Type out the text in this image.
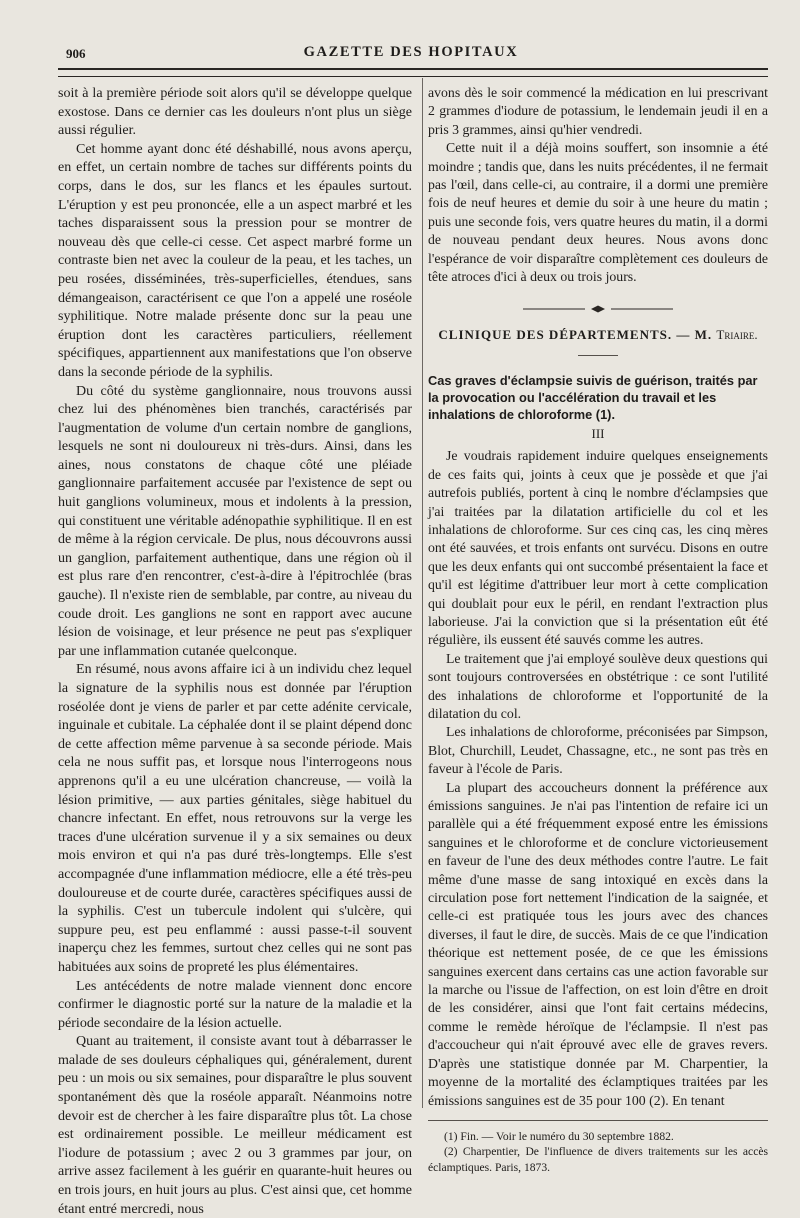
906	GAZETTE DES HOPITAUX

soit à la première période soit alors qu'il se développe quelque exostose. Dans ce dernier cas les douleurs n'ont plus un siège aussi régulier.

Cet homme ayant donc été déshabillé, nous avons aperçu, en effet, un certain nombre de taches sur différents points du corps, dans le dos, sur les flancs et les épaules surtout. L'éruption y est peu prononcée, elle a un aspect marbré et les taches disparaissent sous la pression pour se montrer de nouveau dès que celle-ci cesse. Cet aspect marbré forme un contraste bien net avec la couleur de la peau, et les taches, un peu rosées, disséminées, très-superficielles, étendues, sans démangeaison, caractérisent ce que l'on a appelé une roséole syphilitique. Notre malade présente donc sur la peau une éruption dont les caractères particuliers, réellement spécifiques, appartiennent aux manifestations que l'on observe dans la seconde période de la syphilis.

Du côté du système ganglionnaire, nous trouvons aussi chez lui des phénomènes bien tranchés, caractérisés par l'augmentation de volume d'un certain nombre de ganglions, lesquels ne sont ni douloureux ni très-durs. Ainsi, dans les aines, nous constatons de chaque côté une pléiade ganglionnaire parfaitement accusée par l'existence de sept ou huit ganglions volumineux, mous et indolents à la pression, qui constituent une véritable adénopathie syphilitique. Il en est de même à la région cervicale. De plus, nous découvrons aussi un ganglion, parfaitement authentique, dans une région où il est plus rare d'en rencontrer, c'est-à-dire à l'épitrochlée (bras gauche). Il n'existe rien de semblable, par contre, au niveau du coude droit. Les ganglions ne sont en rapport avec aucune lésion de voisinage, et leur présence ne peut pas s'expliquer par une inflammation cutanée quelconque.

En résumé, nous avons affaire ici à un individu chez lequel la signature de la syphilis nous est donnée par l'éruption roséolée dont je viens de parler et par cette adénite cervicale, inguinale et cubitale. La céphalée dont il se plaint dépend donc de cette affection même parvenue à sa seconde période. Mais cela ne nous suffit pas, et lorsque nous l'interrogeons nous apprenons qu'il a eu une ulcération chancreuse, — voilà la lésion primitive, — aux parties génitales, siège habituel du chancre infectant. En effet, nous retrouvons sur la verge les traces d'une ulcération survenue il y a six semaines ou deux mois environ et qui n'a pas duré très-longtemps. Elle s'est accompagnée d'une inflammation médiocre, elle a été très-peu douloureuse et de courte durée, caractères spécifiques aussi de la syphilis. C'est un tubercule indolent qui s'ulcère, qui suppure peu, est peu enflammé : aussi passe-t-il souvent inaperçu chez les femmes, surtout chez celles qui ne sont pas habituées aux soins de propreté les plus élémentaires.

Les antécédents de notre malade viennent donc encore confirmer le diagnostic porté sur la nature de la maladie et la période secondaire de la lésion actuelle.

Quant au traitement, il consiste avant tout à débarrasser le malade de ses douleurs céphaliques qui, généralement, durent peu : un mois ou six semaines, pour disparaître le plus souvent spontanément dès que la roséole apparaît. Néanmoins notre devoir est de chercher à les faire disparaître plus tôt. La chose est ordinairement possible. Le meilleur médicament est l'iodure de potassium ; avec 2 ou 3 grammes par jour, on arrive assez facilement à les guérir en quarante-huit heures ou en trois jours, en huit jours au plus. C'est ainsi que, cet homme étant entré mercredi, nous

avons dès le soir commencé la médication en lui prescrivant 2 grammes d'iodure de potassium, le lendemain jeudi il en a pris 3 grammes, ainsi qu'hier vendredi.

Cette nuit il a déjà moins souffert, son insomnie a été moindre ; tandis que, dans les nuits précédentes, il ne fermait pas l'œil, dans celle-ci, au contraire, il a dormi une première fois de neuf heures et demie du soir à une heure du matin ; puis une seconde fois, vers quatre heures du matin, il a dormi de nouveau pendant deux heures. Nous avons donc l'espérance de voir disparaître complètement ces douleurs de tête atroces d'ici à deux ou trois jours.

CLINIQUE DES DÉPARTEMENTS. — M. Triaire.

Cas graves d'éclampsie suivis de guérison, traités par la provocation ou l'accélération du travail et les inhalations de chloroforme (1).

III

Je voudrais rapidement induire quelques enseignements de ces faits qui, joints à ceux que je possède et que j'ai autrefois publiés, portent à cinq le nombre d'éclampsies que j'ai traitées par la dilatation artificielle du col et les inhalations de chloroforme. Sur ces cinq cas, les cinq mères ont été sauvées, et trois enfants ont survécu. Disons en outre que les deux enfants qui ont succombé présentaient la face et qu'il est légitime d'attribuer leur mort à cette complication qui doublait pour eux le péril, en rendant l'extraction plus laborieuse. J'ai la conviction que si la présentation eût été régulière, ils eussent été sauvés comme les autres.

Le traitement que j'ai employé soulève deux questions qui sont toujours controversées en obstétrique : ce sont l'utilité des inhalations de chloroforme et l'opportunité de la dilatation du col.

Les inhalations de chloroforme, préconisées par Simpson, Blot, Churchill, Leudet, Chassagne, etc., ne sont pas très en faveur à l'école de Paris.

La plupart des accoucheurs donnent la préférence aux émissions sanguines. Je n'ai pas l'intention de refaire ici un parallèle qui a été fréquemment exposé entre les émissions sanguines et le chloroforme et de conclure victorieusement en faveur de l'une des deux méthodes contre l'autre. Le fait même d'une masse de sang intoxiqué en excès dans la circulation pose fort nettement l'indication de la saignée, et celle-ci est pratiquée tous les jours avec des chances diverses, il faut le dire, de succès. Mais de ce que l'indication théorique est nettement posée, de ce que les émissions sanguines exercent dans certains cas une action favorable sur la marche ou l'issue de l'affection, on est loin d'être en droit de les considérer, ainsi que l'ont fait certains médecins, comme le remède héroïque de l'éclampsie. Il n'est pas d'accoucheur qui n'ait éprouvé avec elle de graves revers. D'après une statistique donnée par M. Charpentier, la moyenne de la mortalité des éclamptiques traitées par les émissions sanguines est de 35 pour 100 (2). En tenant

(1) Fin. — Voir le numéro du 30 septembre 1882.

(2) Charpentier, De l'influence de divers traitements sur les accès éclamptiques. Paris, 1873.
